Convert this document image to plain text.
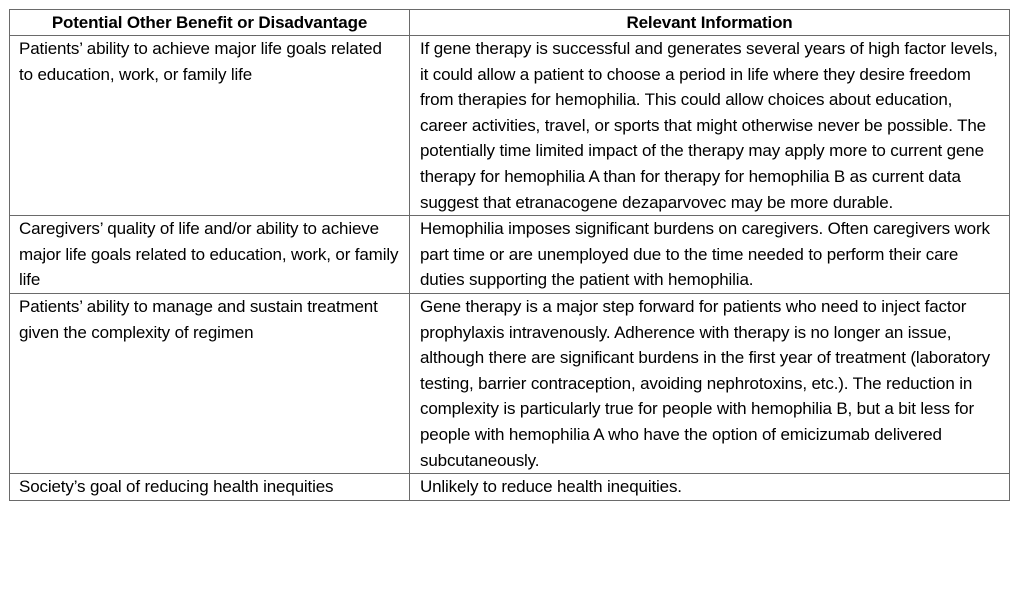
Potential Other Benefit or Disadvantage	Relevant Information
Patients’ ability to achieve major life goals related to education, work, or family life	If gene therapy is successful and generates several years of high factor levels, it could allow a patient to choose a period in life where they desire freedom from therapies for hemophilia. This could allow choices about education, career activities, travel, or sports that might otherwise never be possible. The potentially time limited impact of the therapy may apply more to current gene therapy for hemophilia A than for therapy for hemophilia B as current data suggest that etranacogene dezaparvovec may be more durable.
Caregivers’ quality of life and/or ability to achieve major life goals related to education, work, or family life	Hemophilia imposes significant burdens on caregivers. Often caregivers work part time or are unemployed due to the time needed to perform their care duties supporting the patient with hemophilia.
Patients’ ability to manage and sustain treatment given the complexity of regimen	Gene therapy is a major step forward for patients who need to inject factor prophylaxis intravenously. Adherence with therapy is no longer an issue, although there are significant burdens in the first year of treatment (laboratory testing, barrier contraception, avoiding nephrotoxins, etc.). The reduction in complexity is particularly true for people with hemophilia B, but a bit less for people with hemophilia A who have the option of emicizumab delivered subcutaneously.
Society’s goal of reducing health inequities	Unlikely to reduce health inequities.
